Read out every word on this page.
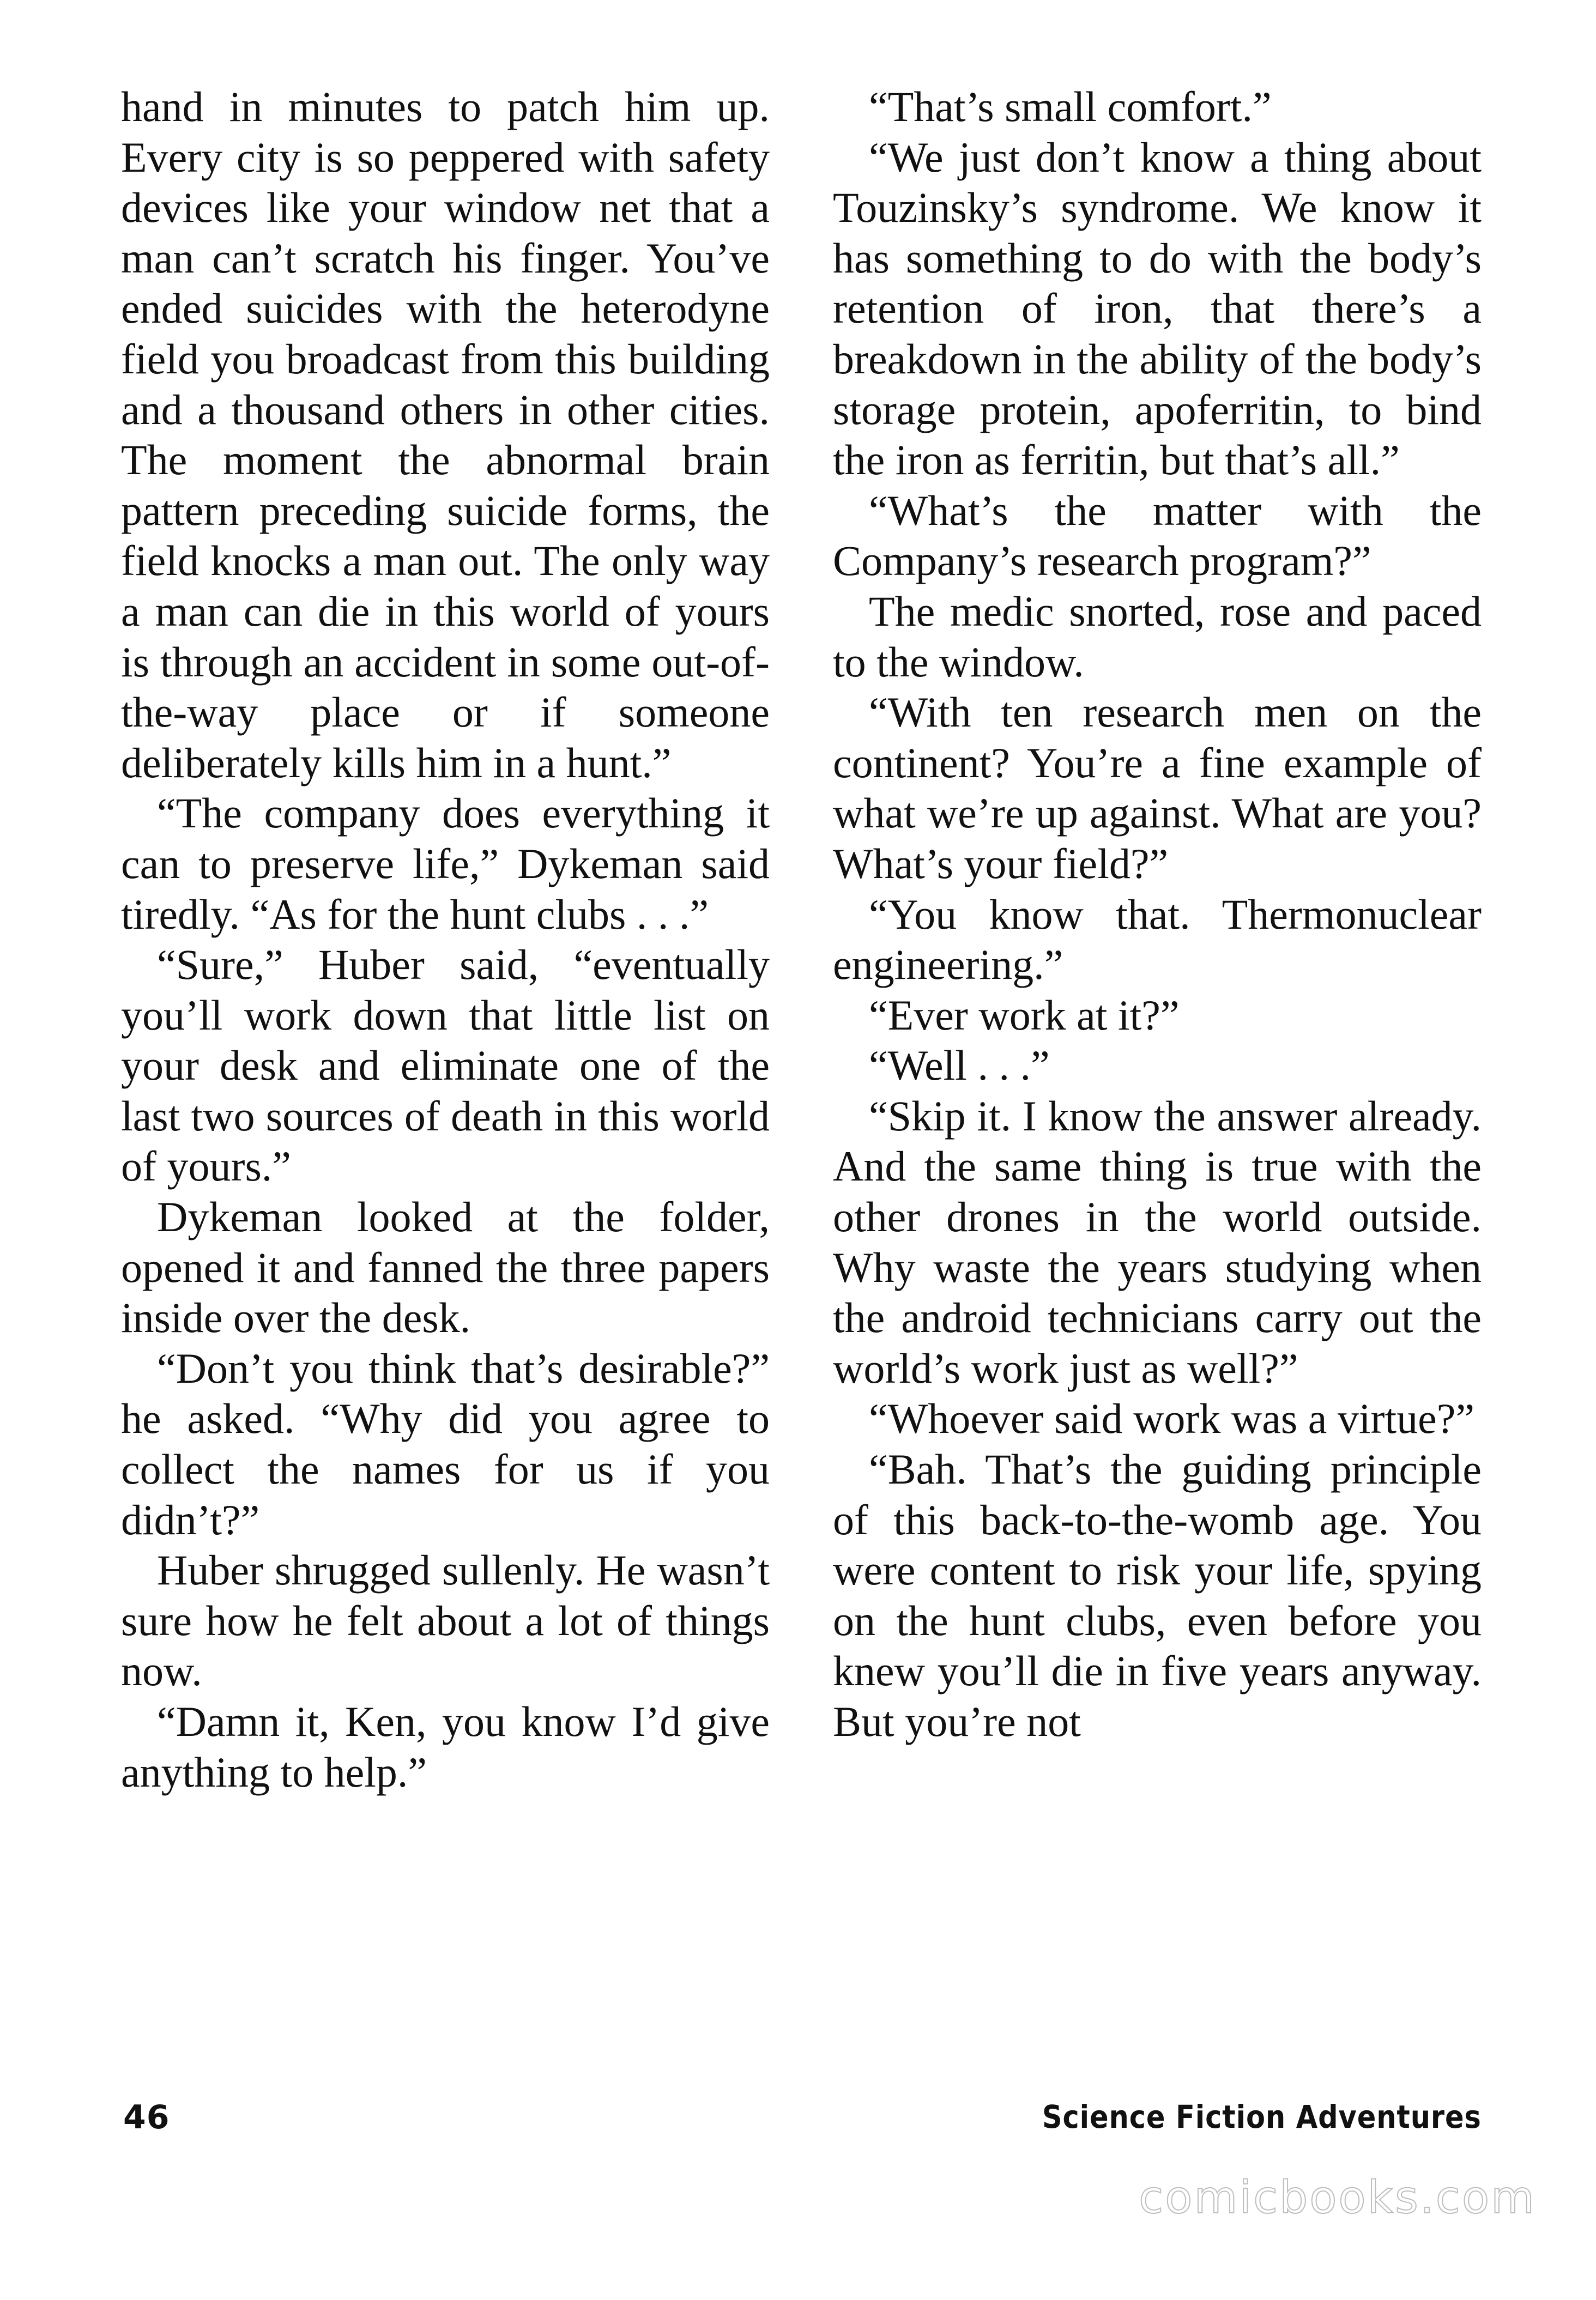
hand in minutes to patch him up. Every city is so peppered with safety devices like your window net that a man can’t scratch his finger. You’ve ended suicides with the heterodyne field you broadcast from this building and a thousand others in other cities. The moment the abnormal brain pattern preceding suicide forms, the field knocks a man out. The only way a man can die in this world of yours is through an accident in some out-of-the-way place or if someone deliberately kills him in a hunt.”

“The company does everything it can to preserve life,” Dykeman said tiredly. “As for the hunt clubs . . .”

“Sure,” Huber said, “eventually you’ll work down that little list on your desk and eliminate one of the last two sources of death in this world of yours.”

Dykeman looked at the folder, opened it and fanned the three papers inside over the desk.

“Don’t you think that’s desirable?” he asked. “Why did you agree to collect the names for us if you didn’t?”

Huber shrugged sullenly. He wasn’t sure how he felt about a lot of things now.

“Damn it, Ken, you know I’d give anything to help.”

“That’s small comfort.”

“We just don’t know a thing about Touzinsky’s syndrome. We know it has something to do with the body’s retention of iron, that there’s a breakdown in the ability of the body’s storage protein, apoferritin, to bind the iron as ferritin, but that’s all.”

“What’s the matter with the Company’s research program?”

The medic snorted, rose and paced to the window.

“With ten research men on the continent? You’re a fine example of what we’re up against. What are you? What’s your field?”

“You know that. Thermonuclear engineering.”

“Ever work at it?”

“Well . . .”

“Skip it. I know the answer already. And the same thing is true with the other drones in the world outside. Why waste the years studying when the android technicians carry out the world’s work just as well?”

“Whoever said work was a virtue?”

“Bah. That’s the guiding principle of this back-to-the-womb age. You were content to risk your life, spying on the hunt clubs, even before you knew you’ll die in five years anyway. But you’re not

46	Science Fiction Adventures
comicbooks.com
